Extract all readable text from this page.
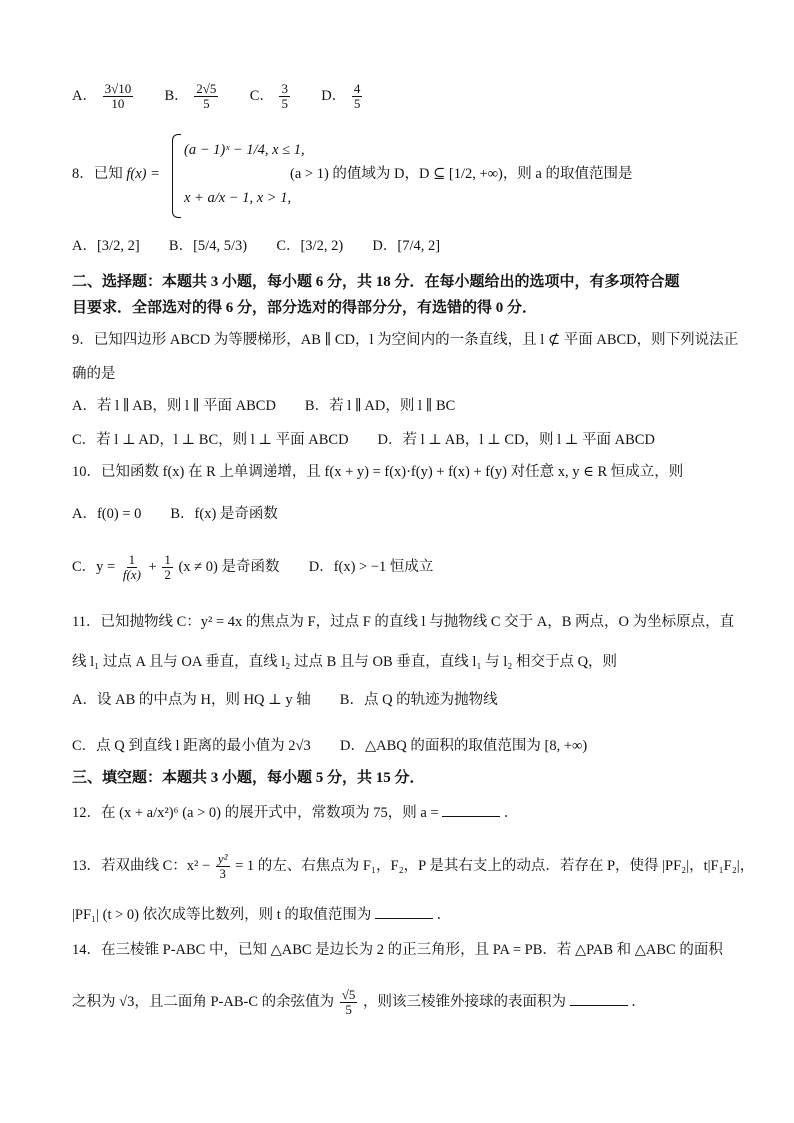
A． $\frac{3√10}{10}$ B． $\frac{2√5}{5}$ C． $\frac{3}{5}$ D． $\frac{4}{5}$
8．已知 f(x) =
(a − 1)ˣ − 1/4, x ≤ 1,
x + a/x − 1, x > 1,
(a > 1) 的值域为 D，D ⊆ [1/2, +∞)，则 a 的取值范围是
A．[3/2, 2] B．[5/4, 5/3) C．[3/2, 2) D．[7/4, 2]
二、选择题：本题共 3 小题，每小题 6 分，共 18 分．在每小题给出的选项中，有多项符合题
目要求．全部选对的得 6 分，部分选对的得部分分，有选错的得 0 分．
9．已知四边形 ABCD 为等腰梯形，AB ∥ CD，l 为空间内的一条直线，且 l ⊄ 平面 ABCD，则下列说法正
确的是
A．若 l ∥ AB，则 l ∥ 平面 ABCD　　B．若 l ∥ AD，则 l ∥ BC
C．若 l ⊥ AD，l ⊥ BC，则 l ⊥ 平面 ABCD　　D．若 l ⊥ AB，l ⊥ CD，则 l ⊥ 平面 ABCD
10．已知函数 f(x) 在 R 上单调递增，且 f(x + y) = f(x)·f(y) + f(x) + f(y) 对任意 x, y ∈ R 恒成立，则
A．f(0) = 0　　B．f(x) 是奇函数
C．$y = \frac{1}{f(x)} + \frac{1}{2} (x \ne 0)$ 是奇函数 D．f(x) > −1 恒成立
11．已知抛物线 C：y² = 4x 的焦点为 F，过点 F 的直线 l 与抛物线 C 交于 A，B 两点，O 为坐标原点，直
线 l₁ 过点 A 且与 OA 垂直，直线 l₂ 过点 B 且与 OB 垂直，直线 l₁ 与 l₂ 相交于点 Q，则
A．设 AB 的中点为 H，则 HQ ⊥ y 轴　　B．点 Q 的轨迹为抛物线
C．点 Q 到直线 l 距离的最小值为 2√3 D．△ABQ 的面积的取值范围为 [8, +∞)
三、填空题：本题共 3 小题，每小题 5 分，共 15 分．
12．在 (x + a/x²)⁶ (a > 0) 的展开式中，常数项为 75，则 a =	．
13．若双曲线 C：$x^2 - \frac{\text{y²}}{3} = 1$ 的左、右焦点为 F₁，F₂，P 是其右支上的动点．若存在 P，使得 |PF₂|，t|F₁F₂|，
|PF₁| (t > 0) 依次成等比数列，则 t 的取值范围为	．
14．在三棱锥 P-ABC 中，已知 △ABC 是边长为 2 的正三角形，且 PA = PB．若 △PAB 和 △ABC 的面积
之积为 √3，且二面角 P-AB-C 的余弦值为 $\frac{√5}{5}$ ，则该三棱锥外接球的表面积为	．
